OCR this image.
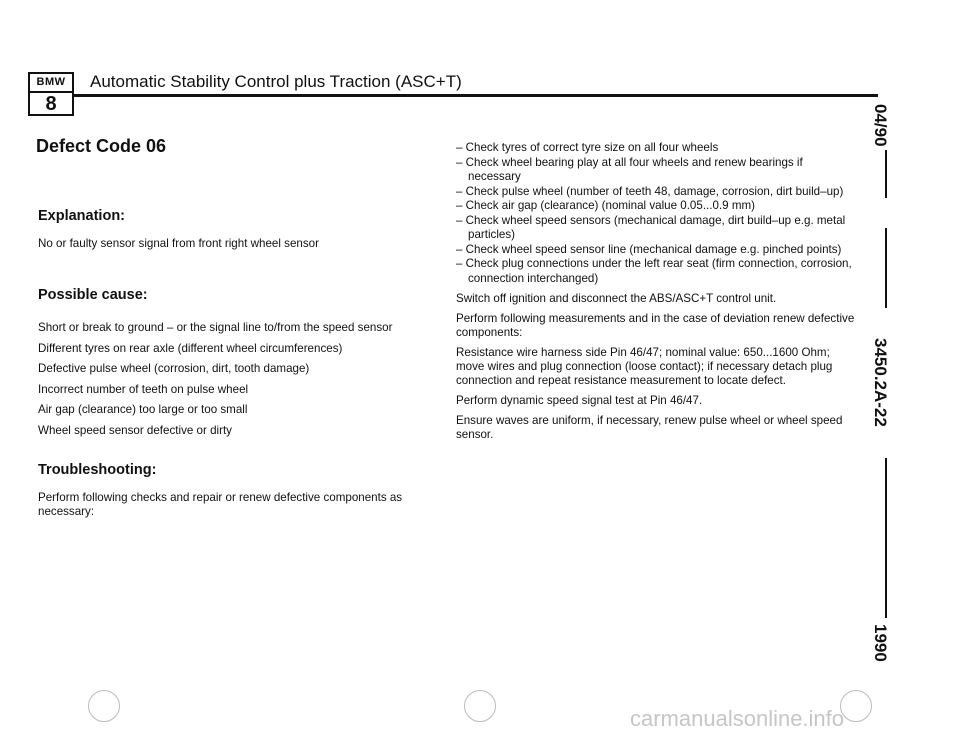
BMW
8
Automatic Stability Control plus Traction (ASC+T)
04/90
3450.2A-22
1990
Defect Code 06
Explanation:
No or faulty sensor signal from front right wheel sensor
Possible cause:
Short or break to ground – or the signal line to/from the speed sensor
Different tyres on rear axle (different wheel circumferences)
Defective pulse wheel (corrosion, dirt, tooth damage)
Incorrect number of teeth on pulse wheel
Air gap (clearance) too large or too small
Wheel speed sensor defective or dirty
Troubleshooting:
Perform following checks and repair or renew defective components as necessary:
– Check tyres of correct tyre size on all four wheels
– Check wheel bearing play at all four wheels and renew bearings if necessary
– Check pulse wheel (number of teeth 48, damage, corrosion, dirt build–up)
– Check air gap (clearance) (nominal value 0.05...0.9 mm)
– Check wheel speed sensors (mechanical damage, dirt build–up e.g. metal particles)
– Check wheel speed sensor line (mechanical damage e.g. pinched points)
– Check plug connections under the left rear seat (firm connection, corrosion, connection interchanged)

Switch off ignition and disconnect the ABS/ASC+T control unit.

Perform following measurements and in the case of deviation renew defective components:

Resistance wire harness side Pin 46/47; nominal value: 650...1600 Ohm; move wires and plug connection (loose contact); if necessary detach plug connection and repeat resistance measurement to locate defect.

Perform dynamic speed signal test at Pin 46/47.

Ensure waves are uniform, if necessary, renew pulse wheel or wheel speed sensor.

carmanualsonline.info
